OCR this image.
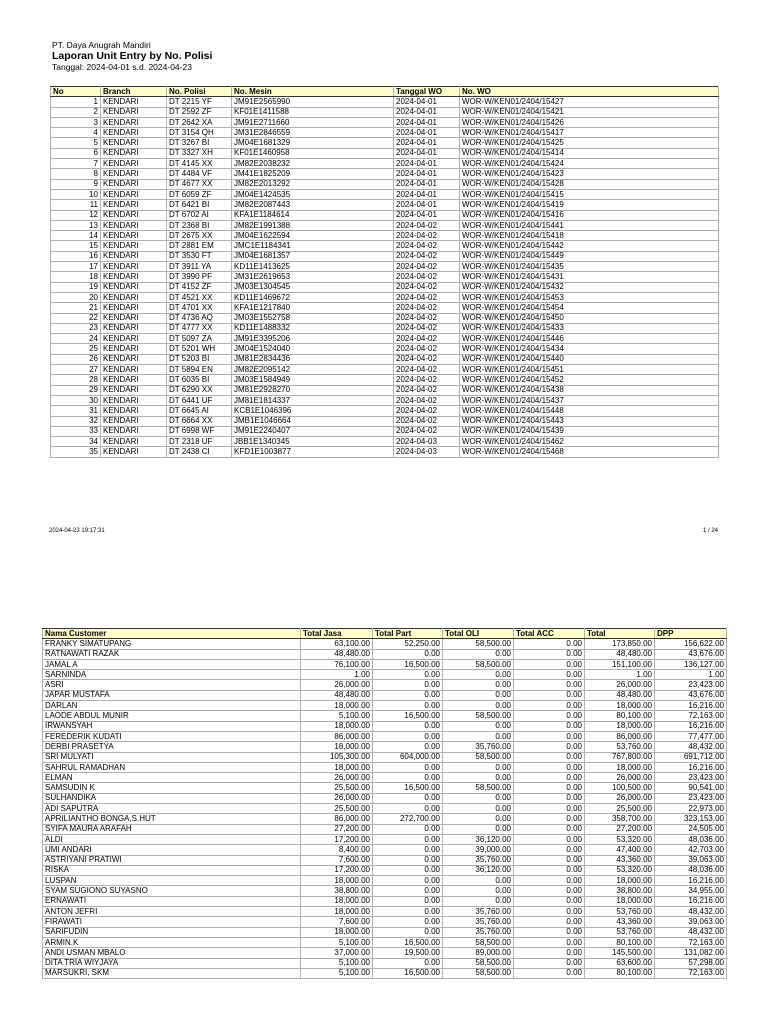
PT. Daya Anugrah Mandiri
Laporan Unit Entry by No. Polisi
Tanggal: 2024-04-01 s.d. 2024-04-23
No	Branch	No. Polisi	No. Mesin	Tanggal WO	No. WO
1	KENDARI	DT 2215 YF	JM91E2565990	2024-04-01	WOR-W/KEN01/2404/15427
2	KENDARI	DT 2592 ZF	KF01E1411588	2024-04-01	WOR-W/KEN01/2404/15421
3	KENDARI	DT 2642 XA	JM91E2711660	2024-04-01	WOR-W/KEN01/2404/15426
4	KENDARI	DT 3154 QH	JM31E2846559	2024-04-01	WOR-W/KEN01/2404/15417
5	KENDARI	DT 3267 BI	JM04E1681329	2024-04-01	WOR-W/KEN01/2404/15425
6	KENDARI	DT 3327 XH	KF01E1460958	2024-04-01	WOR-W/KEN01/2404/15414
7	KENDARI	DT 4145 XX	JM82E2038232	2024-04-01	WOR-W/KEN01/2404/15424
8	KENDARI	DT 4484 VF	JM41E1825209	2024-04-01	WOR-W/KEN01/2404/15423
9	KENDARI	DT 4677 XX	JM82E2013292	2024-04-01	WOR-W/KEN01/2404/15428
10	KENDARI	DT 6059 ZF	JM04E1424535	2024-04-01	WOR-W/KEN01/2404/15415
11	KENDARI	DT 6421 BI	JM82E2087443	2024-04-01	WOR-W/KEN01/2404/15419
12	KENDARI	DT 6702 AI	KFA1E1184614	2024-04-01	WOR-W/KEN01/2404/15416
13	KENDARI	DT 2368 BI	JM82E1991388	2024-04-02	WOR-W/KEN01/2404/15441
14	KENDARI	DT 2675 XX	JM04E1622594	2024-04-02	WOR-W/KEN01/2404/15418
15	KENDARI	DT 2881 EM	JMC1E1184341	2024-04-02	WOR-W/KEN01/2404/15442
16	KENDARI	DT 3530 FT	JM04E1681357	2024-04-02	WOR-W/KEN01/2404/15449
17	KENDARI	DT 3911 YA	KD11E1413625	2024-04-02	WOR-W/KEN01/2404/15435
18	KENDARI	DT 3990 PF	JM31E2619653	2024-04-02	WOR-W/KEN01/2404/15431
19	KENDARI	DT 4152 ZF	JM03E1304545	2024-04-02	WOR-W/KEN01/2404/15432
20	KENDARI	DT 4521 XX	KD11E1469672	2024-04-02	WOR-W/KEN01/2404/15453
21	KENDARI	DT 4701 XX	KFA1E1217840	2024-04-02	WOR-W/KEN01/2404/15454
22	KENDARI	DT 4736 AQ	JM03E1552758	2024-04-02	WOR-W/KEN01/2404/15450
23	KENDARI	DT 4777 XX	KD11E1488332	2024-04-02	WOR-W/KEN01/2404/15433
24	KENDARI	DT 5097 ZA	JM91E3395206	2024-04-02	WOR-W/KEN01/2404/15446
25	KENDARI	DT 5201 WH	JM04E1524040	2024-04-02	WOR-W/KEN01/2404/15434
26	KENDARI	DT 5203 BI	JM81E2834436	2024-04-02	WOR-W/KEN01/2404/15440
27	KENDARI	DT 5894 EN	JM82E2095142	2024-04-02	WOR-W/KEN01/2404/15451
28	KENDARI	DT 6035 BI	JM03E1584949	2024-04-02	WOR-W/KEN01/2404/15452
29	KENDARI	DT 6290 XX	JM81E2928270	2024-04-02	WOR-W/KEN01/2404/15438
30	KENDARI	DT 6441 UF	JM81E1814337	2024-04-02	WOR-W/KEN01/2404/15437
31	KENDARI	DT 6645 AI	KCB1E1046396	2024-04-02	WOR-W/KEN01/2404/15448
32	KENDARI	DT 6664 XX	JMB1E1046664	2024-04-02	WOR-W/KEN01/2404/15443
33	KENDARI	DT 6998 WF	JM91E2240407	2024-04-02	WOR-W/KEN01/2404/15439
34	KENDARI	DT 2318 UF	JBB1E1340345	2024-04-03	WOR-W/KEN01/2404/15462
35	KENDARI	DT 2438 CI	KFD1E1003877	2024-04-03	WOR-W/KEN01/2404/15468
2024-04-23 19:17:31	1 / 24
Nama Customer	Total Jasa	Total Part	Total OLI	Total ACC	Total	DPP
FRANKY SIMATUPANG	63,100.00	52,250.00	58,500.00	0.00	173,850.00	156,622.00
RATNAWATI RAZAK	48,480.00	0.00	0.00	0.00	48,480.00	43,676.00
JAMAL A	76,100.00	16,500.00	58,500.00	0.00	151,100.00	136,127.00
SARNINDA	1.00	0.00	0.00	0.00	1.00	1.00
ASRI	26,000.00	0.00	0.00	0.00	26,000.00	23,423.00
JAPAR MUSTAFA	48,480.00	0.00	0.00	0.00	48,480.00	43,676.00
DARLAN	18,000.00	0.00	0.00	0.00	18,000.00	16,216.00
LAODE ABDUL MUNIR	5,100.00	16,500.00	58,500.00	0.00	80,100.00	72,163.00
IRWANSYAH	18,000.00	0.00	0.00	0.00	18,000.00	16,216.00
FEREDERIK KUDATI	86,000.00	0.00	0.00	0.00	86,000.00	77,477.00
DERBI PRASETYA	18,000.00	0.00	35,760.00	0.00	53,760.00	48,432.00
SRI MULYATI	105,300.00	604,000.00	58,500.00	0.00	767,800.00	691,712.00
SAHRUL RAMADHAN	18,000.00	0.00	0.00	0.00	18,000.00	16,216.00
ELMAN	26,000.00	0.00	0.00	0.00	26,000.00	23,423.00
SAMSUDIN K	25,500.00	16,500.00	58,500.00	0.00	100,500.00	90,541.00
SULHANDIKA	26,000.00	0.00	0.00	0.00	26,000.00	23,423.00
ADI SAPUTRA	25,500.00	0.00	0.00	0.00	25,500.00	22,973.00
APRILIANTHO BONGA,S.HUT	86,000.00	272,700.00	0.00	0.00	358,700.00	323,153.00
SYIFA MAURA ARAFAH	27,200.00	0.00	0.00	0.00	27,200.00	24,505.00
ALDI	17,200.00	0.00	36,120.00	0.00	53,320.00	48,036.00
UMI ANDARI	8,400.00	0.00	39,000.00	0.00	47,400.00	42,703.00
ASTRIYANI PRATIWI	7,600.00	0.00	35,760.00	0.00	43,360.00	39,063.00
RISKA	17,200.00	0.00	36,120.00	0.00	53,320.00	48,036.00
LUSPAN	18,000.00	0.00	0.00	0.00	18,000.00	16,216.00
SYAM SUGIONO SUYASNO	38,800.00	0.00	0.00	0.00	38,800.00	34,955.00
ERNAWATI	18,000.00	0.00	0.00	0.00	18,000.00	16,216.00
ANTON JEFRI	18,000.00	0.00	35,760.00	0.00	53,760.00	48,432.00
FIRAWATI	7,600.00	0.00	35,760.00	0.00	43,360.00	39,063.00
SARIFUDIN	18,000.00	0.00	35,760.00	0.00	53,760.00	48,432.00
ARMIN.K	5,100.00	16,500.00	58,500.00	0.00	80,100.00	72,163.00
ANDI USMAN MBALO	37,000.00	19,500.00	89,000.00	0.00	145,500.00	131,082.00
DITA TRIA WIYJAYA	5,100.00	0.00	58,500.00	0.00	63,600.00	57,298.00
MARSUKRI, SKM	5,100.00	16,500.00	58,500.00	0.00	80,100.00	72,163.00
